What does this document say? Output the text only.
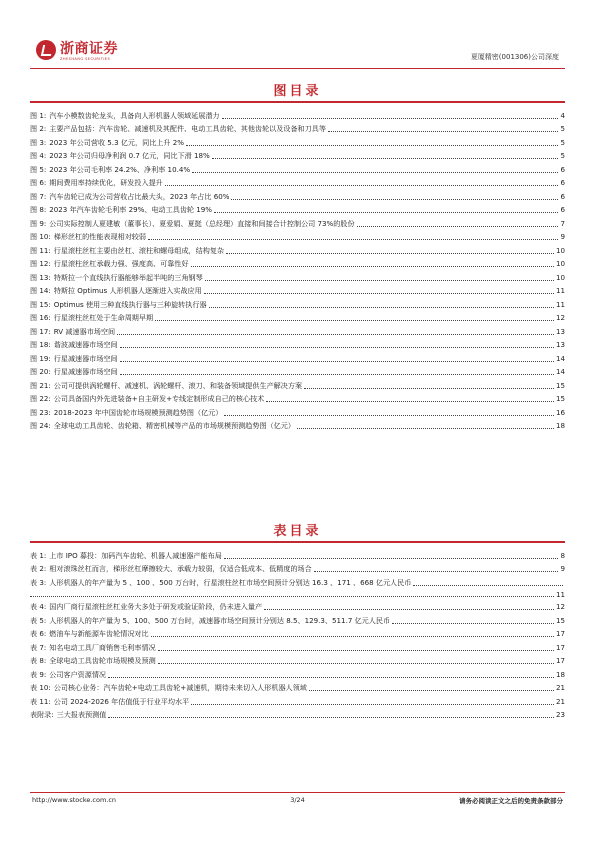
浙商证券
ZHESHANG SECURITIES	夏厦精密(001306)公司深度
图目录
图 1: 汽车小模数齿轮龙头，具备向人形机器人领域延展潜力	4
图 2: 主要产品包括：汽车齿轮、减速机及其配件、电动工具齿轮、其他齿轮以及设备和刀具等	5
图 3: 2023 年公司营收 5.3 亿元，同比上升 2%	5
图 4: 2023 年公司归母净利润 0.7 亿元，同比下滑 18%	5
图 5: 2023 年公司毛利率 24.2%、净利率 10.4%	6
图 6: 期间费用率持续优化，研发投入提升	6
图 7: 汽车齿轮已成为公司营收占比最大头，2023 年占比 60%	6
图 8: 2023 年汽车齿轮毛利率 29%、电动工具齿轮 19%	6
图 9: 公司实际控制人夏建敏（董事长）、夏爱娟、夏挺（总经理）直接和间接合计控制公司 73%的股份	7
图 10: 梯形丝杠的性能表现相对较弱	9
图 11: 行星滚柱丝杠主要由丝杠、滚柱和螺母组成，结构复杂	10
图 12: 行星滚柱丝杠承载力强、强度高、可靠性好	10
图 13: 特斯拉一个直线执行器能够举起半吨的三角钢琴	10
图 14: 特斯拉 Optimus 人形机器人逐渐进入实战应用	11
图 15: Optimus 使用三种直线执行器与三种旋转执行器	11
图 16: 行星滚柱丝杠处于生命周期早期	12
图 17: RV 减速器市场空间	13
图 18: 谐波减速器市场空间	13
图 19: 行星减速器市场空间	14
图 20: 行星减速器市场空间	14
图 21: 公司可提供涡轮螺杆、减速机、涡轮螺杆、滚刀、和装备领域提供生产解决方案	15
图 22: 公司具备国内外先进装备+自主研发+专线定制形成自己的核心技术	15
图 23: 2018-2023 年中国齿轮市场规模预测趋势图（亿元）	16
图 24: 全球电动工具齿轮、齿轮箱、精密机械等产品的市场规模预测趋势图（亿元）	18
表目录
表 1: 上市 IPO 募投：加码汽车齿轮、机器人减速器产能布局	8
表 2: 相对滚珠丝杠而言，梯形丝杠摩擦较大、承载力较弱，仅适合低成本、低精度的场合	9
表 3: 人形机器人的年产量为 5 、100 、500 万台时，行星滚柱丝杠市场空间预计分别达 16.3 、171 、668 亿元人民币
11
表 4: 国内厂商行星滚柱丝杠业务大多处于研发或验证阶段，仍未进入量产	12
表 5: 人形机器人的年产量为 5、100、500 万台时，减速器市场空间预计分别达 8.5、129.3、511.7 亿元人民币	15
表 6: 燃油车与新能源车齿轮情况对比	17
表 7: 知名电动工具厂商销售毛利率情况	17
表 8: 全球电动工具齿轮市场规模及预测	17
表 9: 公司客户资源情况	18
表 10: 公司核心业务：汽车齿轮+电动工具齿轮+减速机，期待未来切入人形机器人领域	21
表 11: 公司 2024-2026 年估值低于行业平均水平	21
表附录: 三大报表预测值	23
http://www.stocke.com.cn	3/24	请务必阅读正文之后的免责条款部分
